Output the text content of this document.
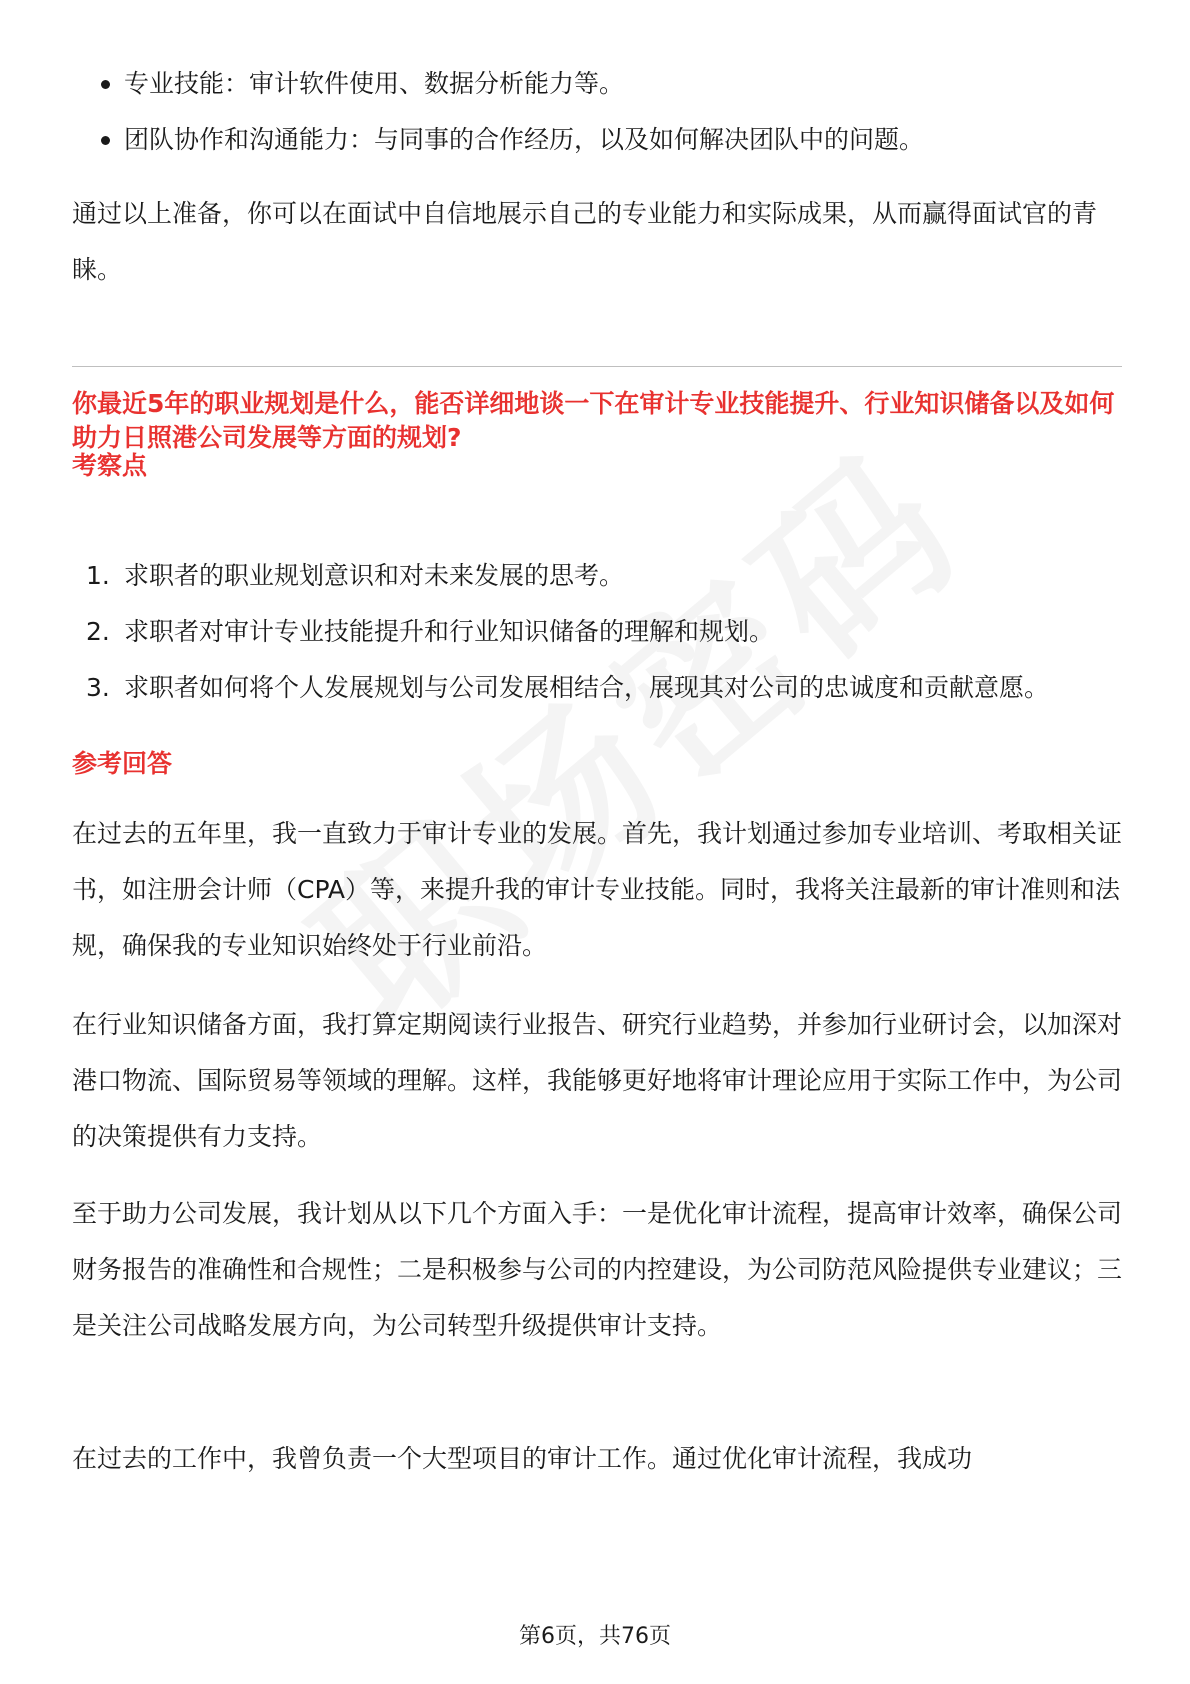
专业技能：审计软件使用、数据分析能力等。
团队协作和沟通能力：与同事的合作经历，以及如何解决团队中的问题。

通过以上准备，你可以在面试中自信地展示自己的专业能力和实际成果，从而赢得面试官的青睐。

你最近5年的职业规划是什么，能否详细地谈一下在审计专业技能提升、行业知识储备以及如何助力日照港公司发展等方面的规划?

考察点
1. 求职者的职业规划意识和对未来发展的思考。
2. 求职者对审计专业技能提升和行业知识储备的理解和规划。
3. 求职者如何将个人发展规划与公司发展相结合，展现其对公司的忠诚度和贡献意愿。
参考回答

在过去的五年里，我一直致力于审计专业的发展。首先，我计划通过参加专业培训、考取相关证书，如注册会计师（CPA）等，来提升我的审计专业技能。同时，我将关注最新的审计准则和法规，确保我的专业知识始终处于行业前沿。

在行业知识储备方面，我打算定期阅读行业报告、研究行业趋势，并参加行业研讨会，以加深对港口物流、国际贸易等领域的理解。这样，我能够更好地将审计理论应用于实际工作中，为公司的决策提供有力支持。

至于助力公司发展，我计划从以下几个方面入手：一是优化审计流程，提高审计效率，确保公司财务报告的准确性和合规性；二是积极参与公司的内控建设，为公司防范风险提供专业建议；三是关注公司战略发展方向，为公司转型升级提供审计支持。

在过去的工作中，我曾负责一个大型项目的审计工作。通过优化审计流程，我成功

第6页，共76页
